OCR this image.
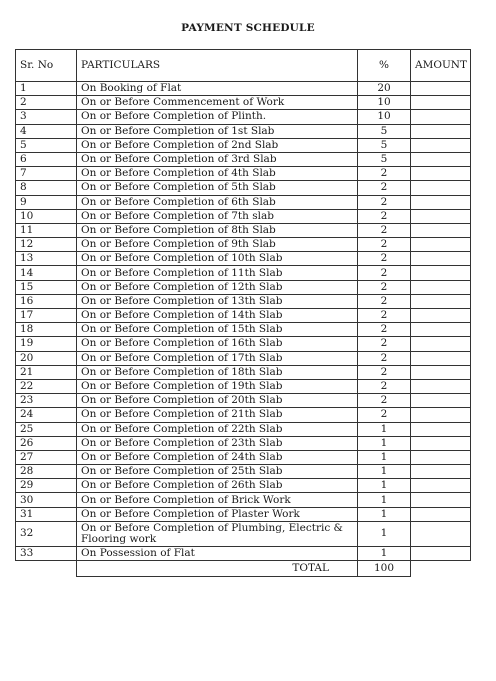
PAYMENT SCHEDULE
Sr. No	PARTICULARS	%	AMOUNT
1	On Booking of Flat	20	
2	On or Before Commencement of Work	10	
3	On or Before Completion of Plinth.	10	
4	On or Before Completion of 1st Slab	5	
5	On or Before Completion of 2nd Slab	5	
6	On or Before Completion of 3rd Slab	5	
7	On or Before Completion of 4th Slab	2	
8	On or Before Completion of 5th Slab	2	
9	On or Before Completion of 6th Slab	2	
10	On or Before Completion of 7th slab	2	
11	On or Before Completion of 8th Slab	2	
12	On or Before Completion of 9th Slab	2	
13	On or Before Completion of 10th Slab	2	
14	On or Before Completion of 11th Slab	2	
15	On or Before Completion of 12th Slab	2	
16	On or Before Completion of 13th Slab	2	
17	On or Before Completion of 14th Slab	2	
18	On or Before Completion of 15th Slab	2	
19	On or Before Completion of 16th Slab	2	
20	On or Before Completion of 17th Slab	2	
21	On or Before Completion of 18th Slab	2	
22	On or Before Completion of 19th Slab	2	
23	On or Before Completion of 20th Slab	2	
24	On or Before Completion of 21th Slab	2	
25	On or Before Completion of 22th Slab	1	
26	On or Before Completion of 23th Slab	1	
27	On or Before Completion of 24th Slab	1	
28	On or Before Completion of 25th Slab	1	
29	On or Before Completion of 26th Slab	1	
30	On or Before Completion of Brick Work	1	
31	On or Before Completion of Plaster Work	1	
32	On or Before Completion of Plumbing, Electric & Flooring work	1	
33	On Possession of Flat	1	
	TOTAL	100	
